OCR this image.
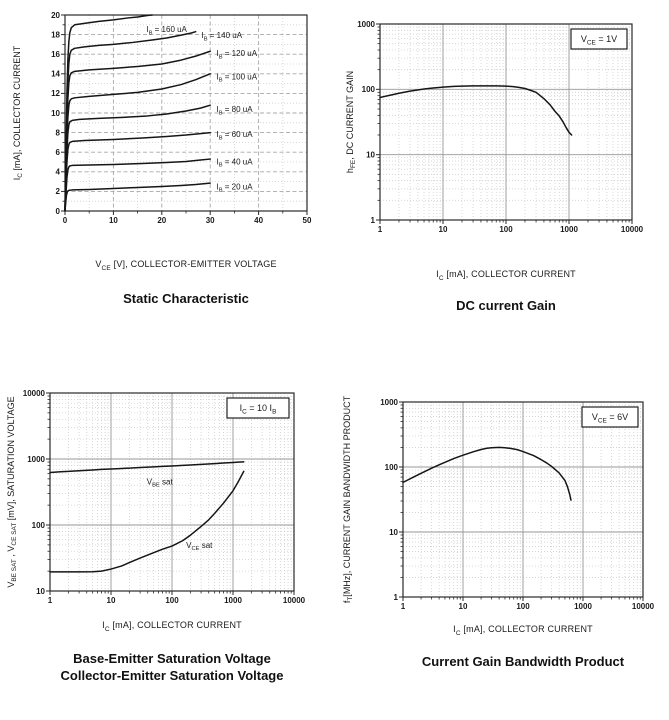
0	10	20	30	40	50
0
2
4
6
8
10
12
14
16
18
20
$I_B = 160$ uA
$I_B = 140$ uA
$I_B = 120$ uA
$I_B = 100$ uA
$I_B = 80$ uA
$I_B = 60$ uA
$I_B = 40$ uA
$I_B = 20$ uA
$I_C$ [mA], COLLECTOR CURRENT
$V_{CE}$ [V], COLLECTOR-EMITTER VOLTAGE
Static Characteristic
1	10	100	1000	10000
1
10
100
1000
$V_{CE} = 1V$
$h_{FE}$, DC CURRENT GAIN
$I_C$ [mA], COLLECTOR CURRENT
DC current Gain
1	10	100	1000	10000
10
100
1000
10000
$V_{BE}$ sat
$V_{CE}$ sat
$I_C = 10$ $I_B$
$V_{BE SAT}$ , $V_{CE SAT}$ [mV], SATURATION VOLTAGE
$I_C$ [mA], COLLECTOR CURRENT
Base-Emitter Saturation Voltage
Collector-Emitter Saturation Voltage
1	10	100	1000	10000
1
10
100
1000
$V_{CE} = 6V$
$f_T[MHz]$, CURRENT GAIN BANDWIDTH PRODUCT
$I_C$ [mA], COLLECTOR CURRENT
Current Gain Bandwidth Product
